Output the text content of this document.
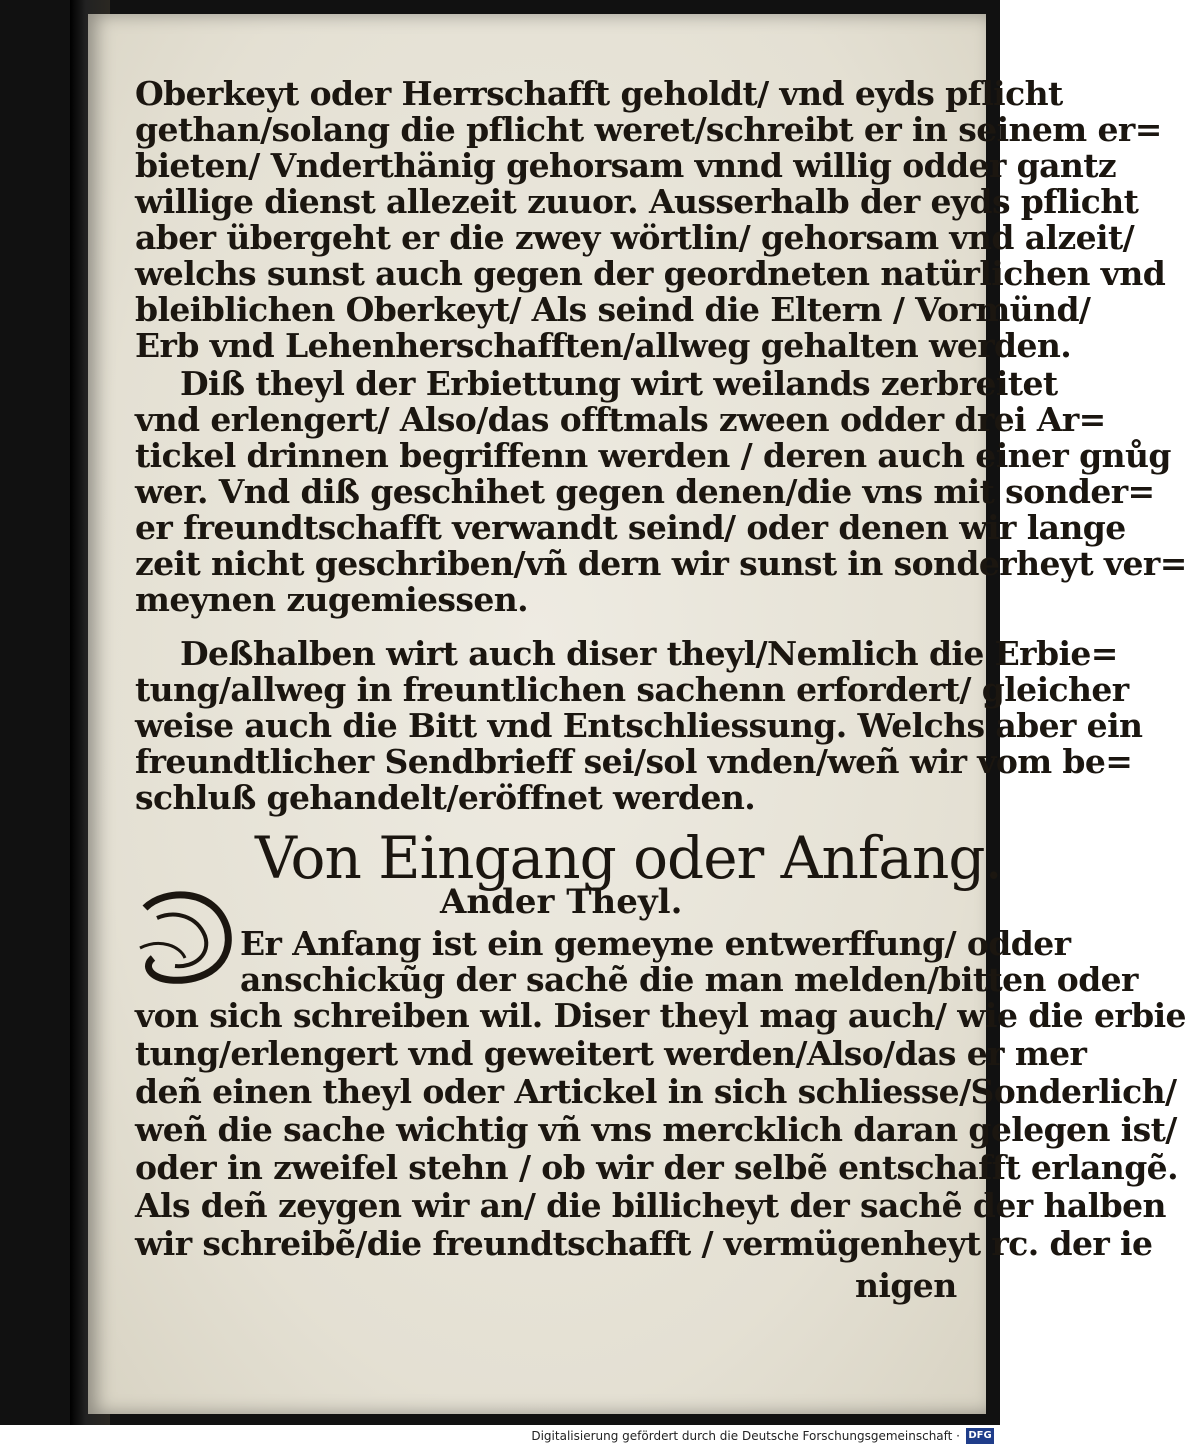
Oberkeyt oder Herrschafft geholdt/ vnd eyds pflicht
gethan/solang die pflicht weret/schreibt er in seinem er=
bieten/ Vnderthänig gehorsam vnnd willig odder gantz
willige dienst allezeit zuuor. Ausserhalb der eyds pflicht
aber übergeht er die zwey wörtlin/ gehorsam vnd alzeit/
welchs sunst auch gegen der geordneten natürlichen vnd
bleiblichen Oberkeyt/ Als seind die Eltern / Vormünd/
Erb vnd Lehenherschafften/allweg gehalten werden.
Diß theyl der Erbiettung wirt weilands zerbreitet
vnd erlengert/ Also/das offtmals zween odder drei Ar=
tickel drinnen begriffenn werden / deren auch einer gnůg
wer. Vnd diß geschihet gegen denen/die vns mit sonder=
er freundtschafft verwandt seind/ oder denen wir lange
zeit nicht geschriben/vñ dern wir sunst in sonderheyt ver=
meynen zugemiessen.
Deßhalben wirt auch diser theyl/Nemlich die Erbie=
tung/allweg in freuntlichen sachenn erfordert/ gleicher
weise auch die Bitt vnd Entschliessung. Welchs aber ein
freundtlicher Sendbrieff sei/sol vnden/weñ wir vom be=
schluß gehandelt/eröffnet werden.
Von Eingang oder Anfang.
Ander Theyl.
Er Anfang ist ein gemeyne entwerffung/ odder
anschickũg der sachẽ die man melden/bitten oder
von sich schreiben wil. Diser theyl mag auch/ wie die erbie
tung/erlengert vnd geweitert werden/Also/das er mer
deñ einen theyl oder Artickel in sich schliesse/Sonderlich/
weñ die sache wichtig vñ vns mercklich daran gelegen ist/
oder in zweifel stehn / ob wir der selbẽ entschafft erlangẽ.
Als deñ zeygen wir an/ die billicheyt der sachẽ der halben
wir schreibẽ/die freundtschafft / vermügenheyt rc. der ie
nigen
Digitalisierung gefördert durch die Deutsche Forschungsgemeinschaft · DFG
